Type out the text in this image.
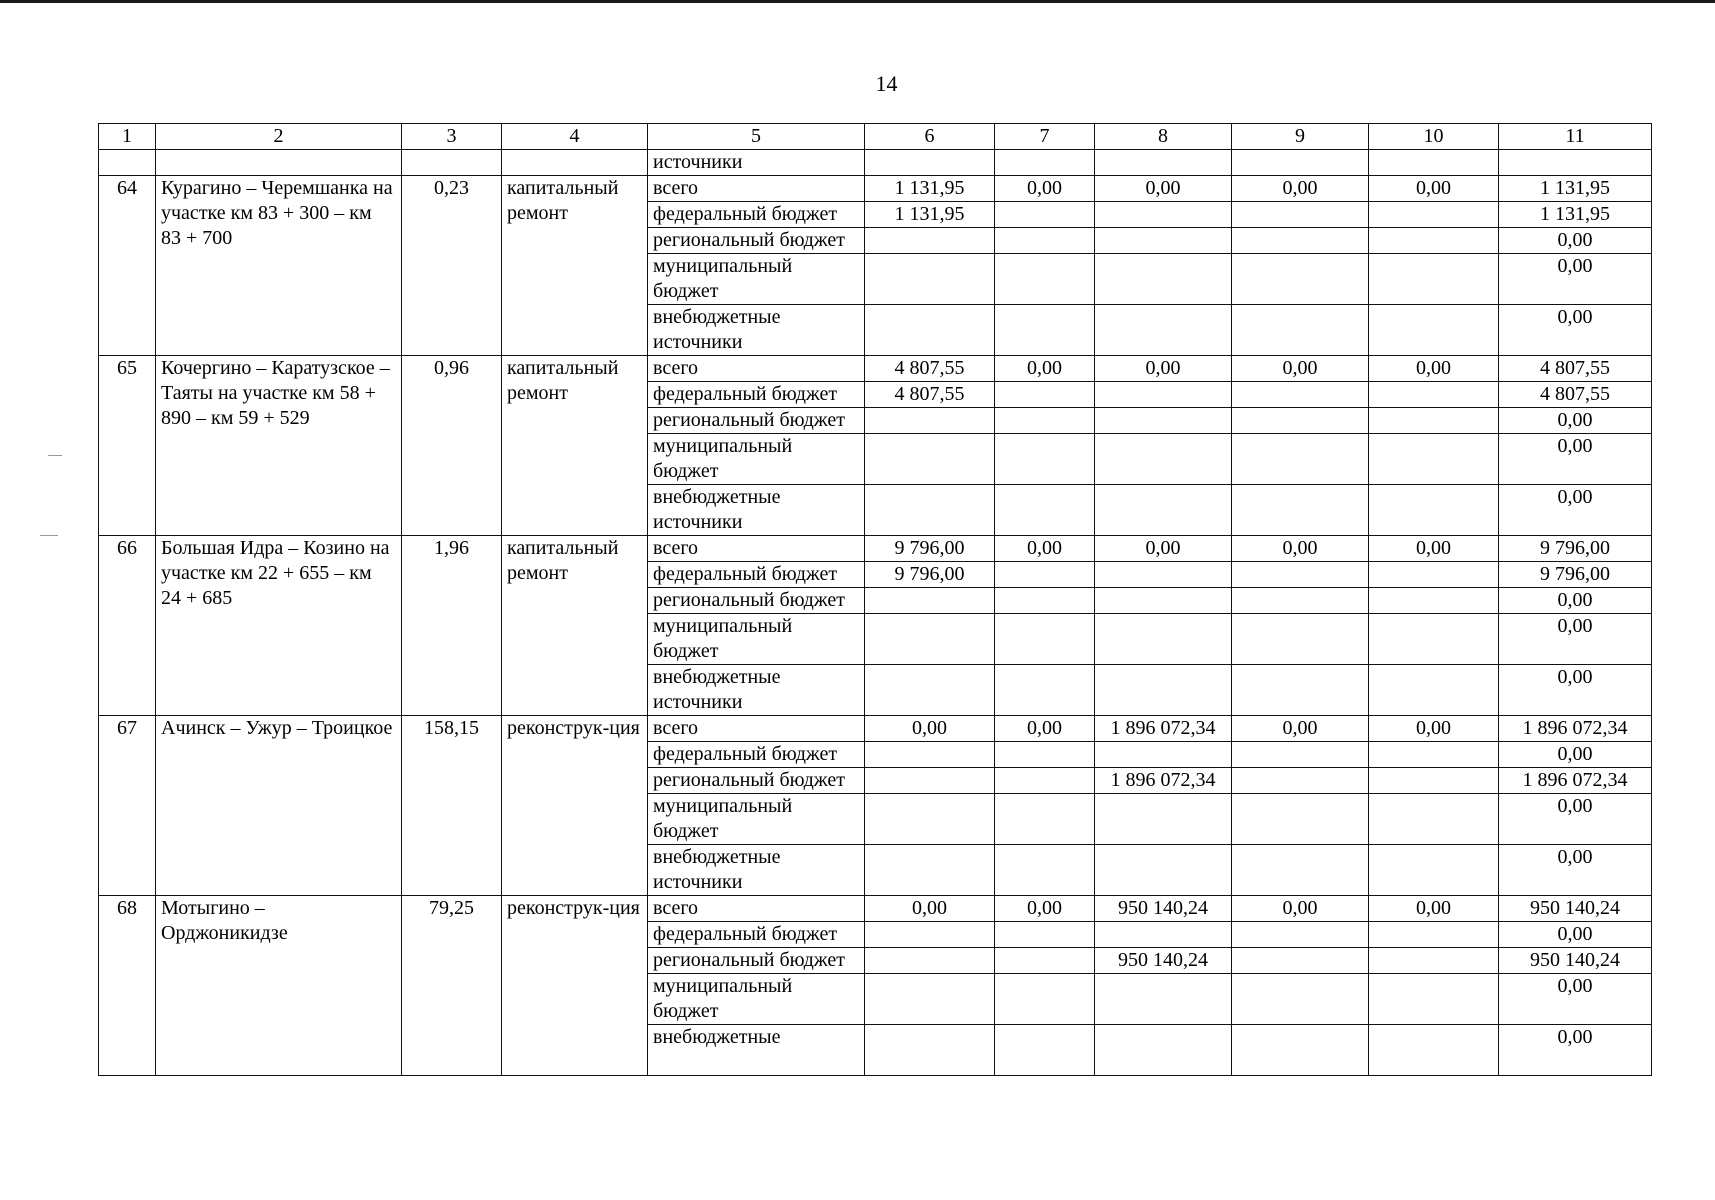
14
1	2	3	4	5	6	7	8	9	10	11
				источники						
64	Курагино – Черемшанка на участке км 83 + 300 – км 83 + 700	0,23	капитальный ремонт	всего	1 131,95	0,00	0,00	0,00	0,00	1 131,95
				федеральный бюджет	1 131,95					1 131,95
				региональный бюджет						0,00
				муниципальный бюджет						0,00
				внебюджетные источники						0,00
65	Кочергино – Каратузское – Таяты на участке км 58 + 890 – км 59 + 529	0,96	капитальный ремонт	всего	4 807,55	0,00	0,00	0,00	0,00	4 807,55
				федеральный бюджет	4 807,55					4 807,55
				региональный бюджет						0,00
				муниципальный бюджет						0,00
				внебюджетные источники						0,00
66	Большая Идра – Козино на участке км 22 + 655 – км 24 + 685	1,96	капитальный ремонт	всего	9 796,00	0,00	0,00	0,00	0,00	9 796,00
				федеральный бюджет	9 796,00					9 796,00
				региональный бюджет						0,00
				муниципальный бюджет						0,00
				внебюджетные источники						0,00
67	Ачинск – Ужур – Троицкое	158,15	реконструк-ция	всего	0,00	0,00	1 896 072,34	0,00	0,00	1 896 072,34
				федеральный бюджет						0,00
				региональный бюджет			1 896 072,34			1 896 072,34
				муниципальный бюджет						0,00
				внебюджетные источники						0,00
68	Мотыгино – Орджоникидзе	79,25	реконструк-ция	всего	0,00	0,00	950 140,24	0,00	0,00	950 140,24
				федеральный бюджет						0,00
				региональный бюджет			950 140,24			950 140,24
				муниципальный бюджет						0,00
				внебюджетные						0,00
